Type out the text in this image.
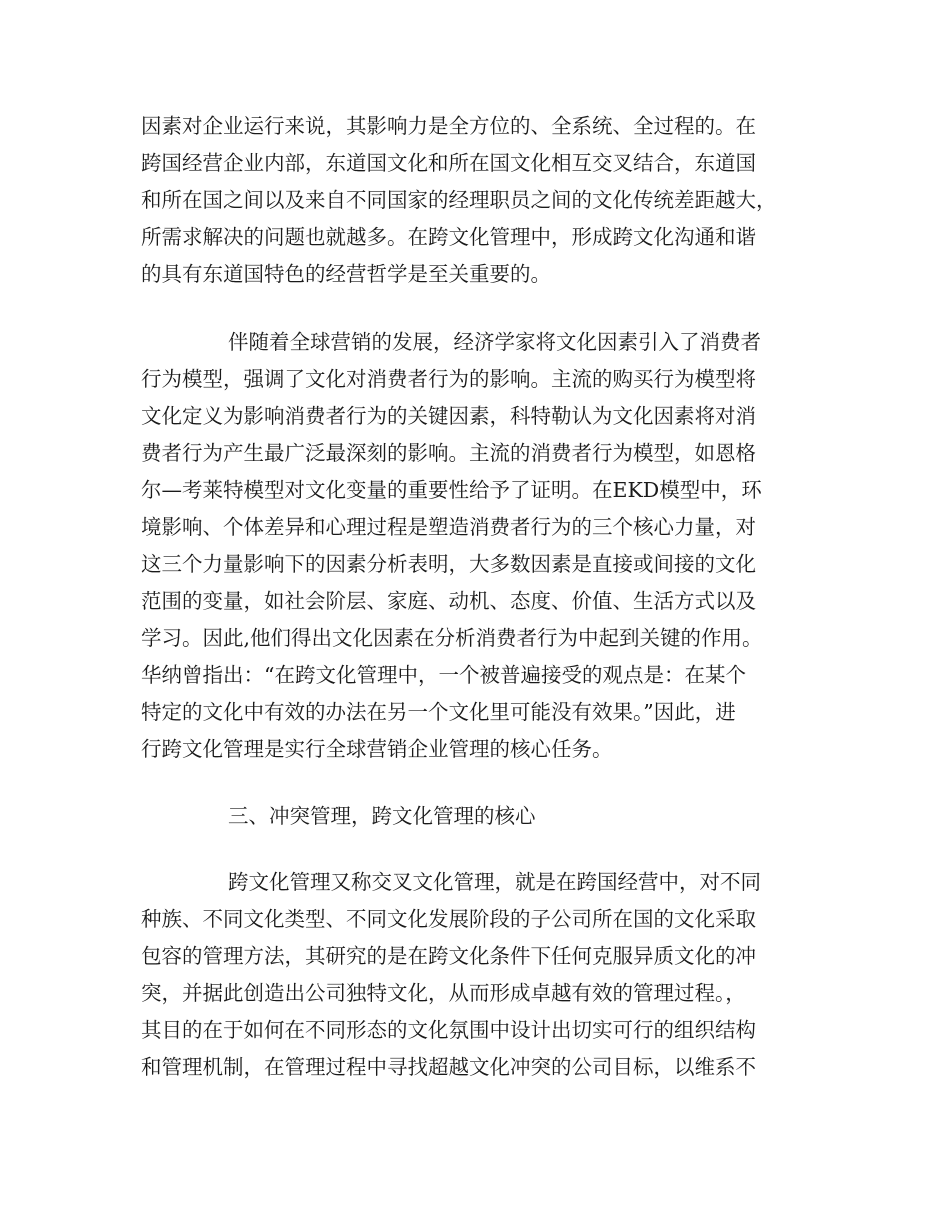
因素对企业运行来说，其影响力是全方位的、全系统、全过程的。在
跨国经营企业内部，东道国文化和所在国文化相互交叉结合，东道国
和所在国之间以及来自不同国家的经理职员之间的文化传统差距越大，
所需求解决的问题也就越多。在跨文化管理中，形成跨文化沟通和谐
的具有东道国特色的经营哲学是至关重要的。
伴随着全球营销的发展，经济学家将文化因素引入了消费者
行为模型，强调了文化对消费者行为的影响。主流的购买行为模型将
文化定义为影响消费者行为的关键因素，科特勒认为文化因素将对消
费者行为产生最广泛最深刻的影响。主流的消费者行为模型，如恩格
尔—考莱特模型对文化变量的重要性给予了证明。在EKD模型中，环
境影响、个体差异和心理过程是塑造消费者行为的三个核心力量，对
这三个力量影响下的因素分析表明，大多数因素是直接或间接的文化
范围的变量，如社会阶层、家庭、动机、态度、价值、生活方式以及
学习。因此,他们得出文化因素在分析消费者行为中起到关键的作用。
华纳曾指出：“在跨文化管理中，一个被普遍接受的观点是：在某个
特定的文化中有效的办法在另一个文化里可能没有效果。”因此，进
行跨文化管理是实行全球营销企业管理的核心任务。
三、冲突管理，跨文化管理的核心
跨文化管理又称交叉文化管理，就是在跨国经营中，对不同
种族、不同文化类型、不同文化发展阶段的子公司所在国的文化采取
包容的管理方法，其研究的是在跨文化条件下任何克服异质文化的冲
突，并据此创造出公司独特文化，从而形成卓越有效的管理过程。，
其目的在于如何在不同形态的文化氛围中设计出切实可行的组织结构
和管理机制，在管理过程中寻找超越文化冲突的公司目标，以维系不
